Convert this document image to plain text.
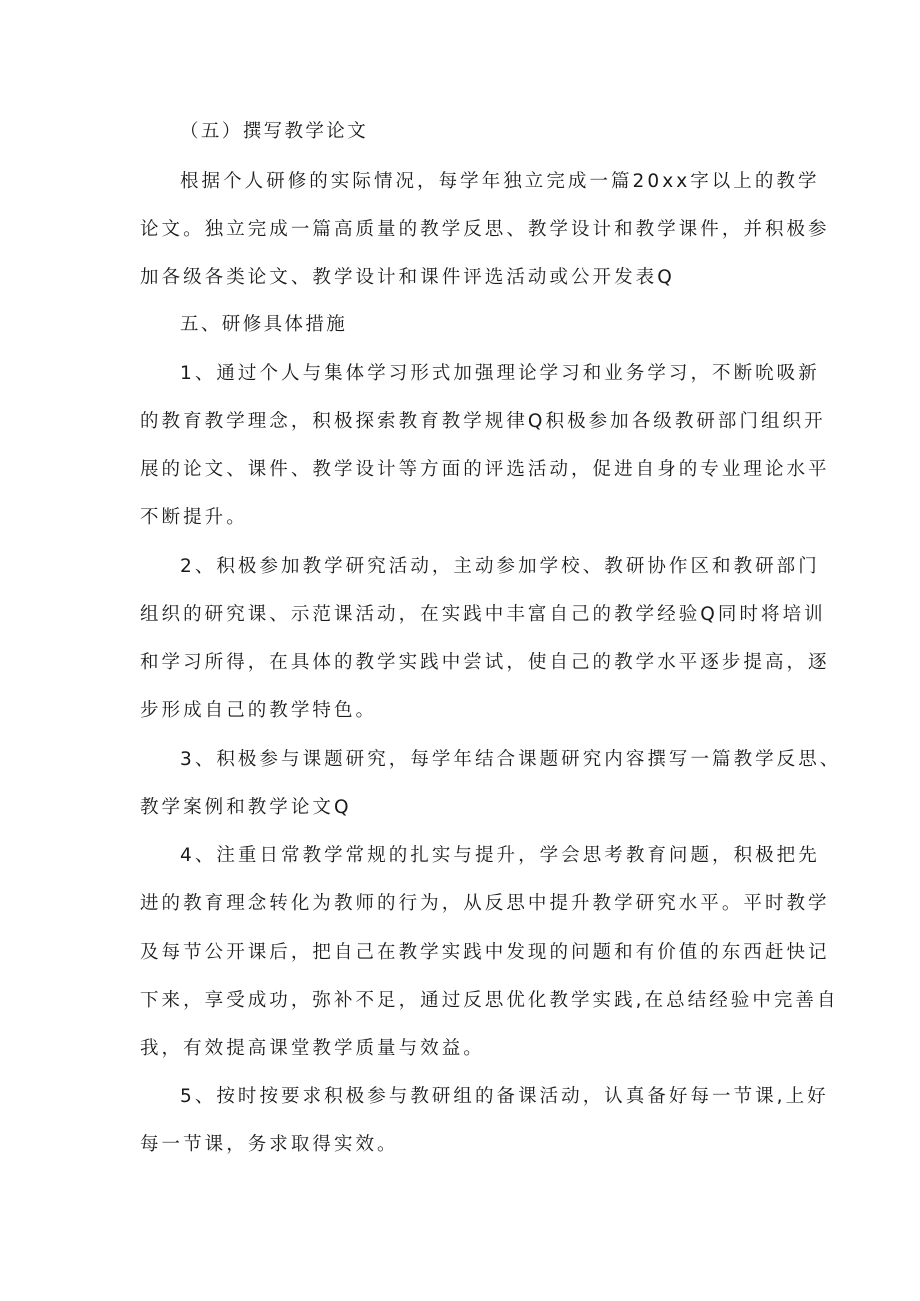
（五）撰写教学论文
根据个人研修的实际情况，每学年独立完成一篇20xx字以上的教学
论文。独立完成一篇高质量的教学反思、教学设计和教学课件，并积极参
加各级各类论文、教学设计和课件评选活动或公开发表Q
五、研修具体措施
1、通过个人与集体学习形式加强理论学习和业务学习，不断吮吸新
的教育教学理念，积极探索教育教学规律Q积极参加各级教研部门组织开
展的论文、课件、教学设计等方面的评选活动，促进自身的专业理论水平
不断提升。
2、积极参加教学研究活动，主动参加学校、教研协作区和教研部门
组织的研究课、示范课活动，在实践中丰富自己的教学经验Q同时将培训
和学习所得，在具体的教学实践中尝试，使自己的教学水平逐步提高，逐
步形成自己的教学特色。
3、积极参与课题研究，每学年结合课题研究内容撰写一篇教学反思、
教学案例和教学论文Q
4、注重日常教学常规的扎实与提升，学会思考教育问题，积极把先
进的教育理念转化为教师的行为，从反思中提升教学研究水平。平时教学
及每节公开课后，把自己在教学实践中发现的问题和有价值的东西赶快记
下来，享受成功，弥补不足，通过反思优化教学实践,在总结经验中完善自
我，有效提高课堂教学质量与效益。
5、按时按要求积极参与教研组的备课活动，认真备好每一节课,上好
每一节课，务求取得实效。
